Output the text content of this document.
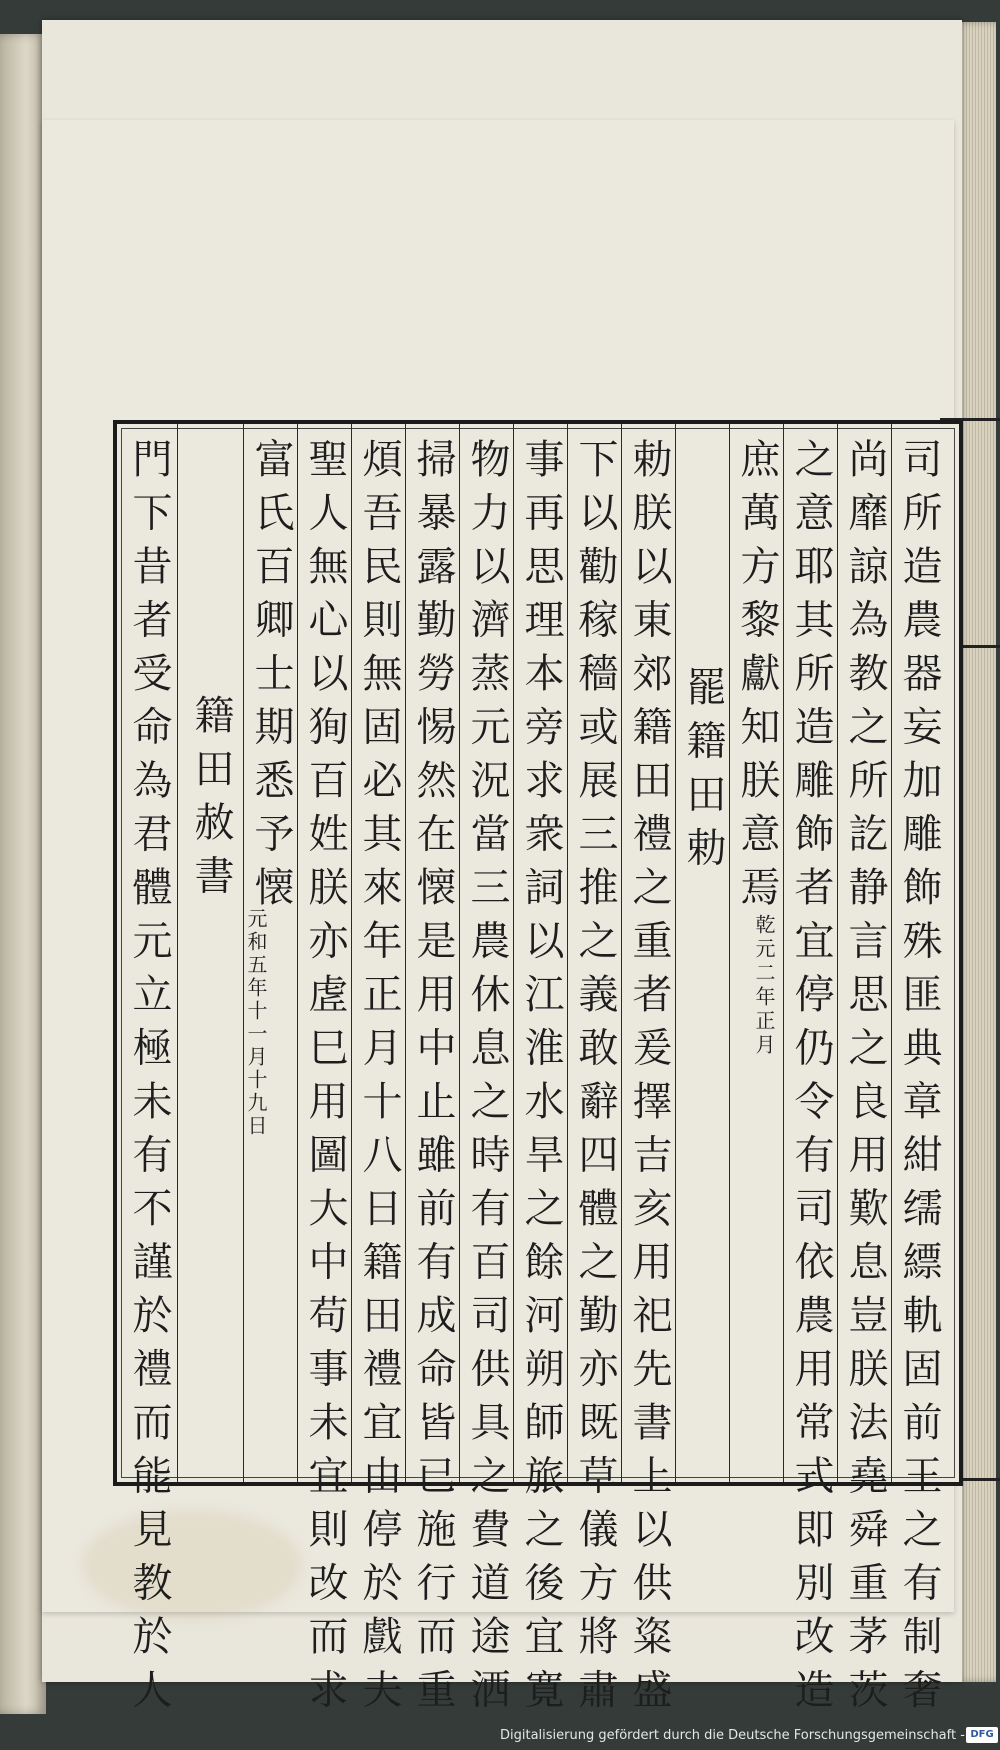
司所造農器妄加雕飾殊匪典章紺𦈡縹軌固前王之有制奢
尚靡諒為教之所訖静言思之良用歎息豈朕法堯舜重茅茨
之意耶其所造雕飾者宜停仍令有司依農用常式即別改造
庶萬方黎獻知朕意焉
乾元二年正月
罷籍田勅
勅朕以東郊籍田禮之重者爰擇吉亥用祀先書上以供粢盛
下以勸稼穡或展三推之義敢辭四體之勤亦既草儀方將肅
事再思理本旁求衆詞以江淮水旱之餘河朔師旅之後宜寛
物力以濟蒸元況當三農休息之時有百司供具之費道途洒
掃暴露勤勞惕然在懐是用中止雖前有成命皆已施行而重
煩吾民則無固必其來年正月十八日籍田禮宜由停於戲夫
聖人無心以狥百姓朕亦虗巳用圖大中苟事未宜則改而求
富氏百卿士期悉予懐
元和五年十一月十九日
籍田赦書
門下昔者受命為君體元立極未有不謹於禮而能見教於人
Digitalisierung gefördert durch die Deutsche Forschungsgemeinschaft - DFG
